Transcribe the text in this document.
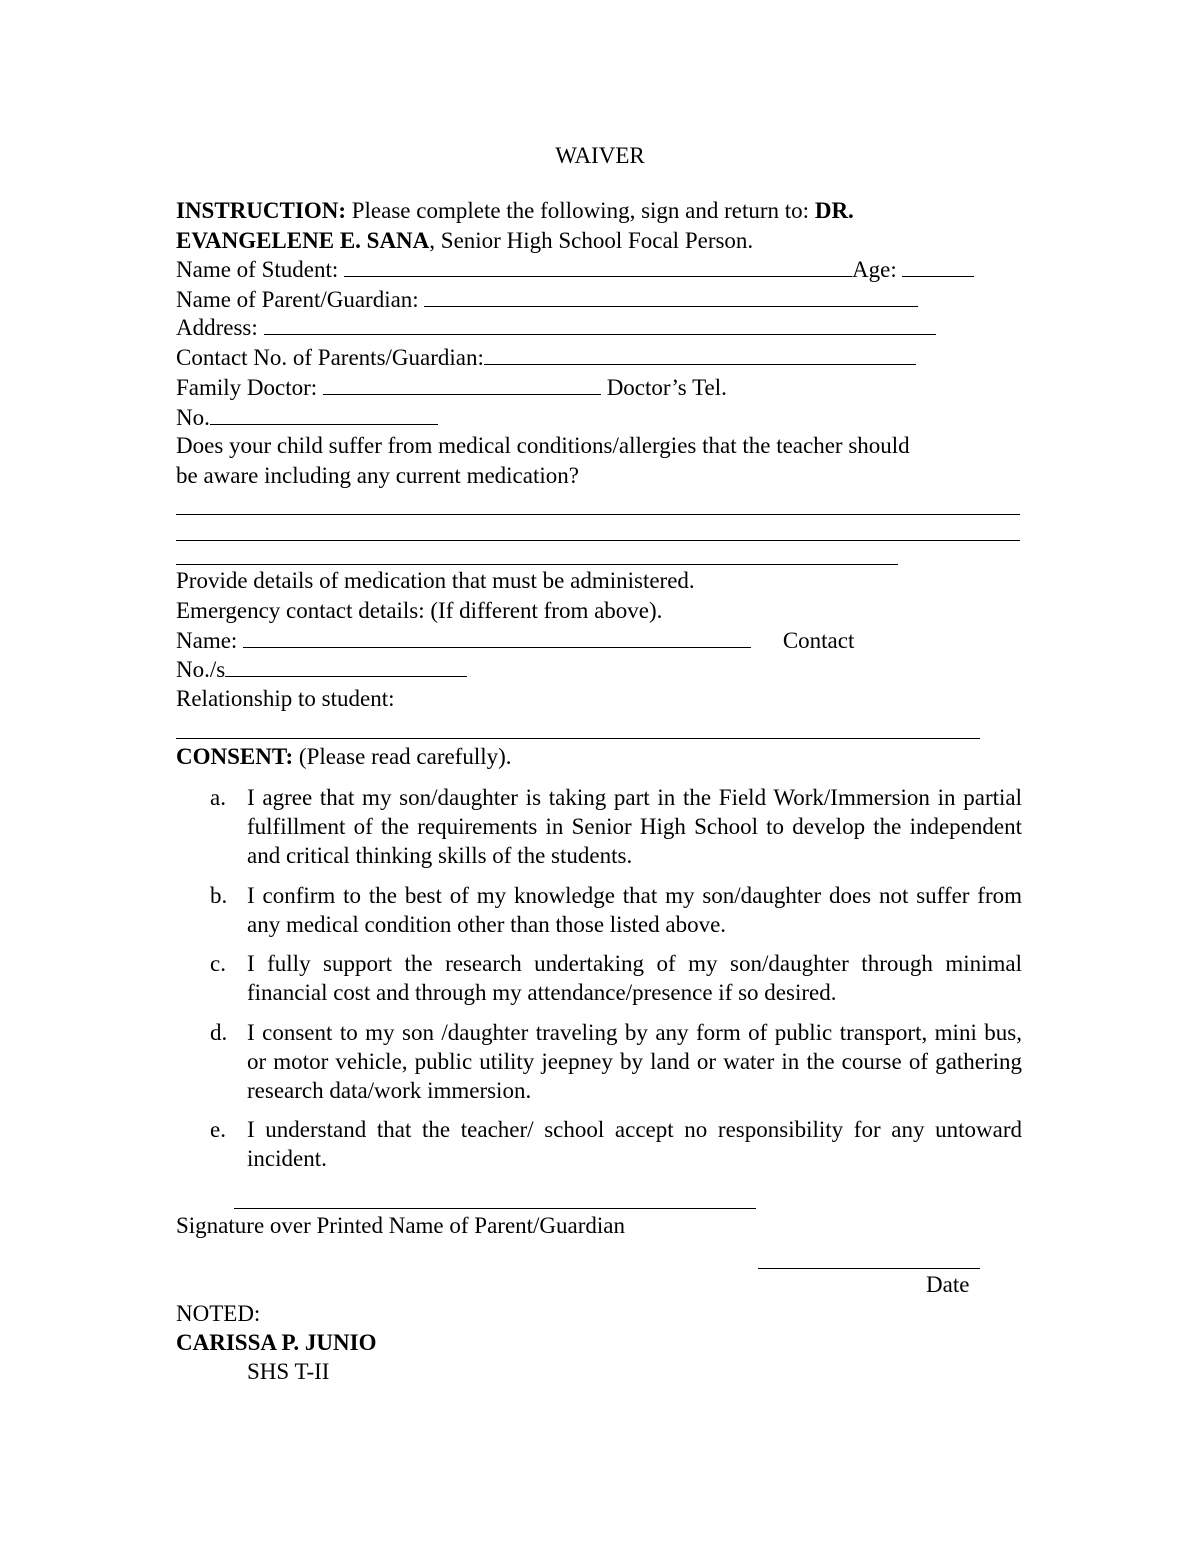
WAIVER
INSTRUCTION: Please complete the following, sign and return to: DR.
EVANGELENE E. SANA, Senior High School Focal Person.
Name of Student:	Age:
Name of Parent/Guardian:
Address:
Contact No. of Parents/Guardian:
Family Doctor:	Doctor’s Tel.
No.
Does your child suffer from medical conditions/allergies that the teacher should
be aware including any current medication?
Provide details of medication that must be administered.
Emergency contact details: (If different from above).
Name:	Contact
No./s
Relationship to student:
CONSENT: (Please read carefully).
a. I agree that my son/daughter is taking part in the Field Work/Immersion in partial fulfillment of the requirements in Senior High School to develop the independent and critical thinking skills of the students.
b. I confirm to the best of my knowledge that my son/daughter does not suffer from any medical condition other than those listed above.
c. I fully support the research undertaking of my son/daughter through minimal financial cost and through my attendance/presence if so desired.
d. I consent to my son /daughter traveling by any form of public transport, mini bus, or motor vehicle, public utility jeepney by land or water in the course of gathering research data/work immersion.
e. I understand that the teacher/ school accept no responsibility for any untoward incident.
Signature over Printed Name of Parent/Guardian
Date
NOTED:
CARISSA P. JUNIO
SHS T-II
